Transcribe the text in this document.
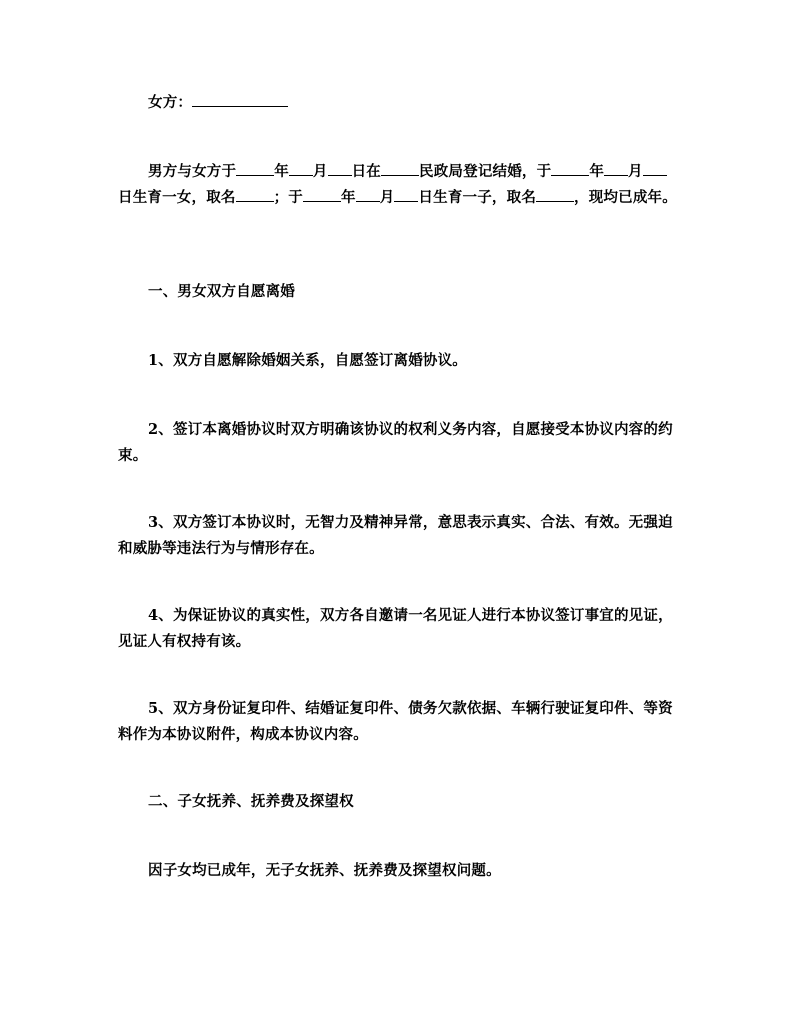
女方：
男方与女方于	年 月 日在	民政局登记结婚，于	年 月日生育一女，取名	；于	年 月 日生育一子，取名	，现均已成年。
一、男女双方自愿离婚
1、双方自愿解除婚姻关系，自愿签订离婚协议。
2、签订本离婚协议时双方明确该协议的权利义务内容，自愿接受本协议内容的约束。
3、双方签订本协议时，无智力及精神异常，意思表示真实、合法、有效。无强迫和威胁等违法行为与情形存在。
4、为保证协议的真实性，双方各自邀请一名见证人进行本协议签订事宜的见证，见证人有权持有该。
5、双方身份证复印件、结婚证复印件、债务欠款依据、车辆行驶证复印件、等资料作为本协议附件，构成本协议内容。
二、子女抚养、抚养费及探望权
因子女均已成年，无子女抚养、抚养费及探望权问题。
